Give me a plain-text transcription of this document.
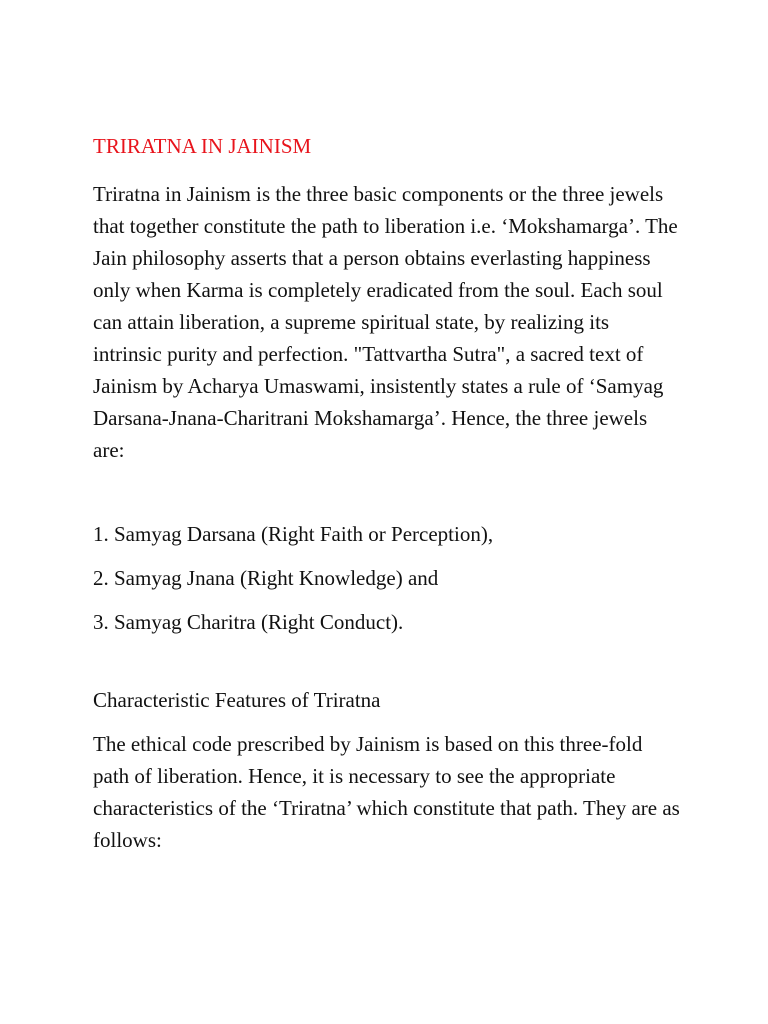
TRIRATNA IN JAINISM

Triratna in Jainism is the three basic components or the three jewels that together constitute the path to liberation i.e. ‘Mokshamarga’. The Jain philosophy asserts that a person obtains everlasting happiness only when Karma is completely eradicated from the soul. Each soul can attain liberation, a supreme spiritual state, by realizing its intrinsic purity and perfection. "Tattvartha Sutra", a sacred text of Jainism by Acharya Umaswami, insistently states a rule of ‘Samyag Darsana-Jnana-Charitrani Mokshamarga’. Hence, the three jewels are:

1. Samyag Darsana (Right Faith or Perception),
2. Samyag Jnana (Right Knowledge) and
3. Samyag Charitra (Right Conduct).
Characteristic Features of Triratna

The ethical code prescribed by Jainism is based on this three-fold path of liberation. Hence, it is necessary to see the appropriate characteristics of the ‘Triratna’ which constitute that path. They are as follows:
